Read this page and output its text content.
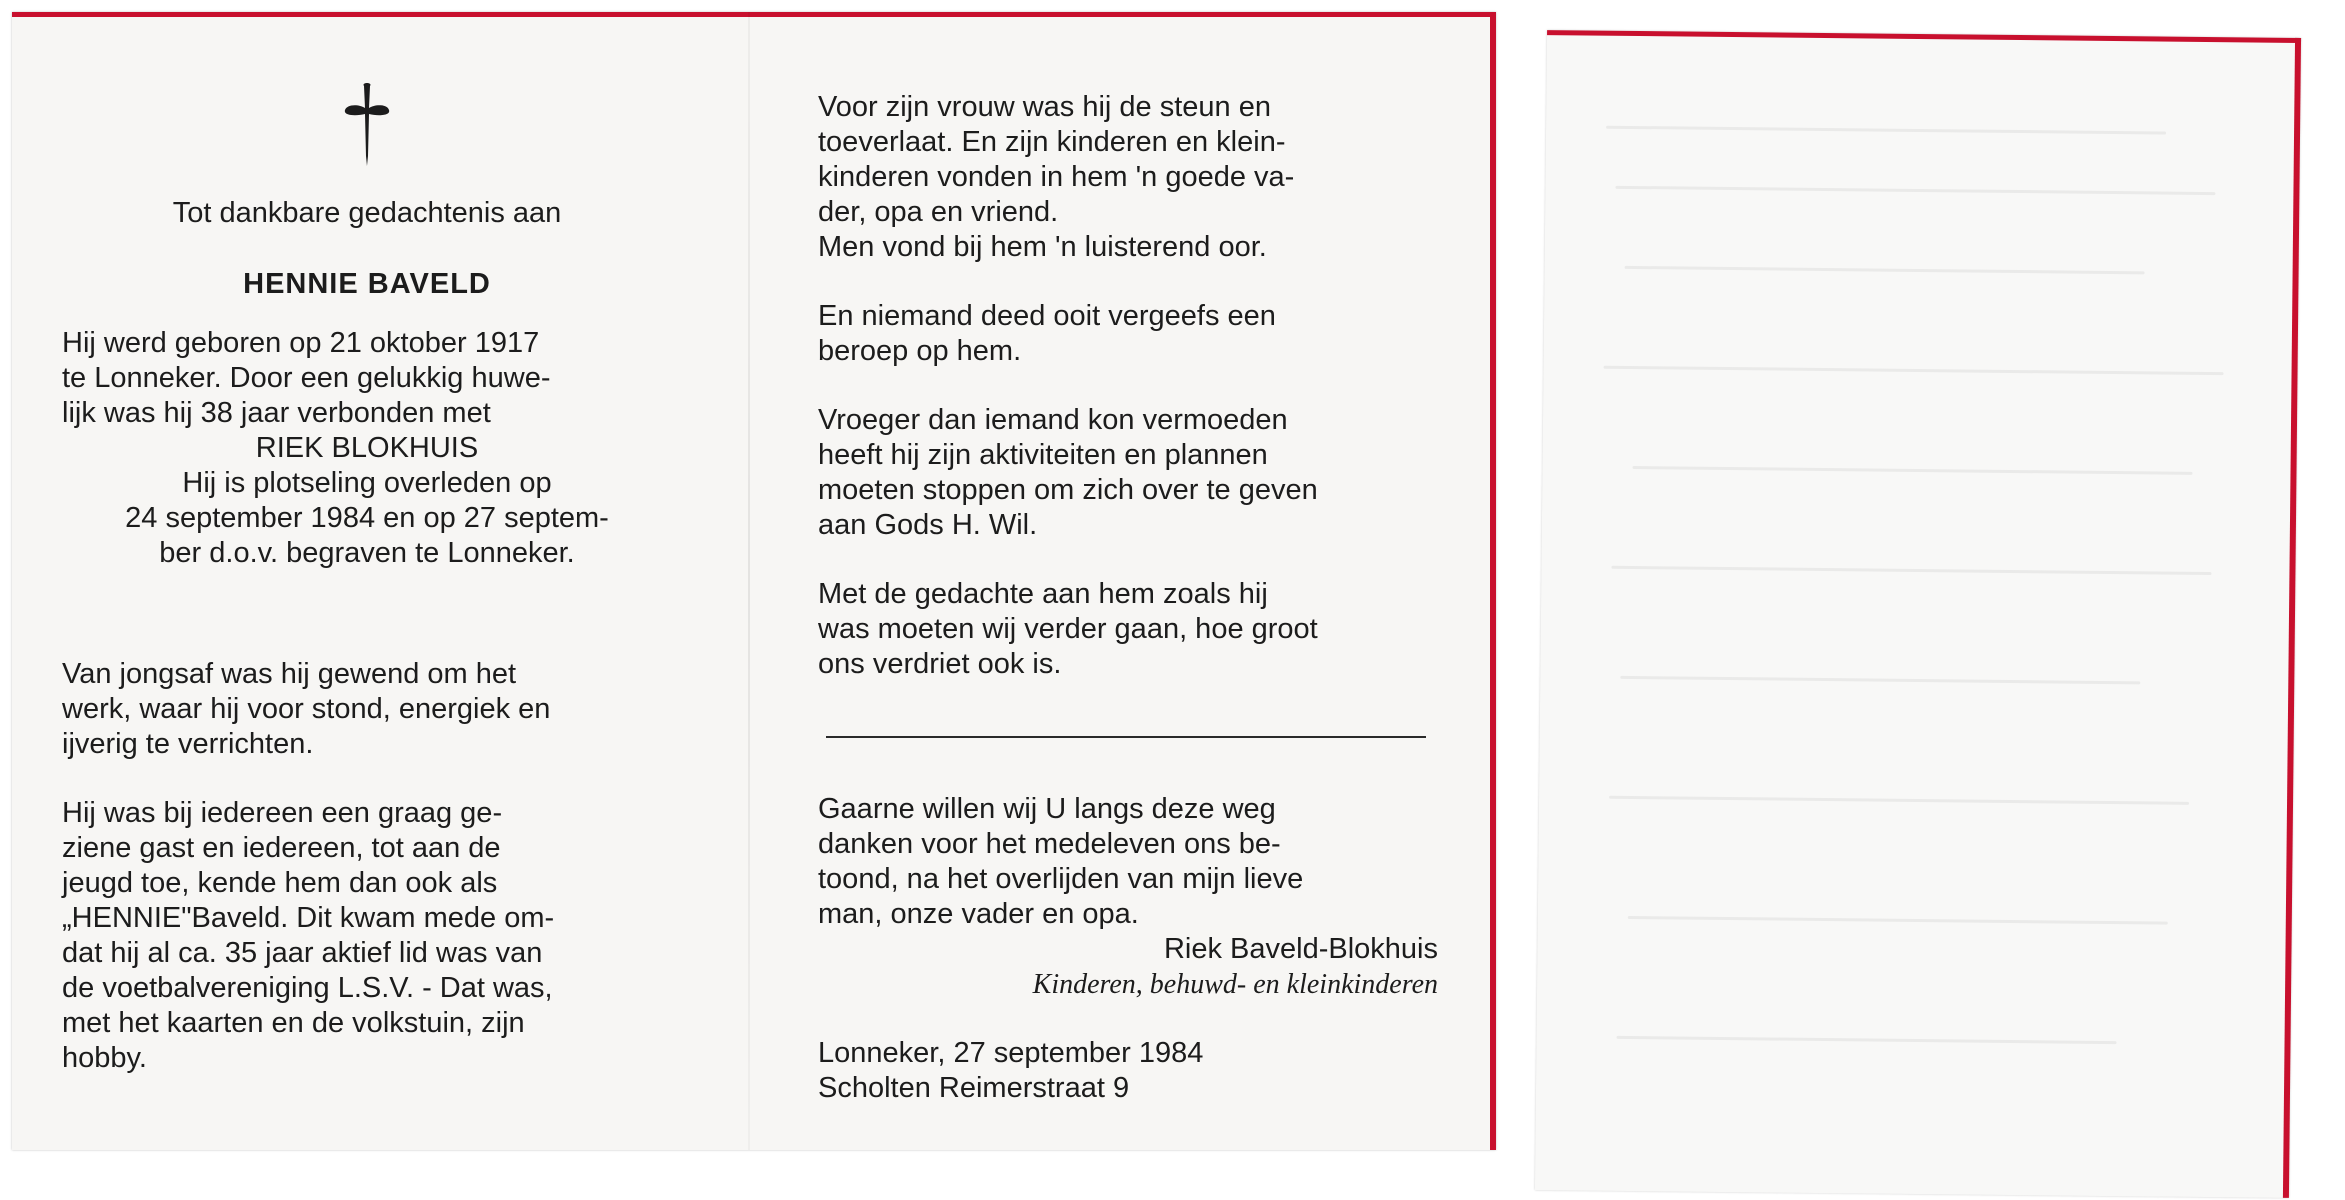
Tot dankbare gedachtenis aan

HENNIE BAVELD

Hij werd geboren op 21 oktober 1917
te Lonneker. Door een gelukkig huwe-
lijk was hij 38 jaar verbonden met
RIEK BLOKHUIS
Hij is plotseling overleden op
24 september 1984 en op 27 septem-
ber d.o.v. begraven te Lonneker.
Van jongsaf was hij gewend om het
werk, waar hij voor stond, energiek en
ijverig te verrichten.
Hij was bij iedereen een graag ge-
ziene gast en iedereen, tot aan de
jeugd toe, kende hem dan ook als
„HENNIE"Baveld. Dit kwam mede om-
dat hij al ca. 35 jaar aktief lid was van
de voetbalvereniging L.S.V. - Dat was,
met het kaarten en de volkstuin, zijn
hobby.
Voor zijn vrouw was hij de steun en
toeverlaat. En zijn kinderen en klein-
kinderen vonden in hem 'n goede va-
der, opa en vriend.
Men vond bij hem 'n luisterend oor.
En niemand deed ooit vergeefs een
beroep op hem.
Vroeger dan iemand kon vermoeden
heeft hij zijn aktiviteiten en plannen
moeten stoppen om zich over te geven
aan Gods H. Wil.
Met de gedachte aan hem zoals hij
was moeten wij verder gaan, hoe groot
ons verdriet ook is.
Gaarne willen wij U langs deze weg
danken voor het medeleven ons be-
toond, na het overlijden van mijn lieve
man, onze vader en opa.
Riek Baveld-Blokhuis
Kinderen, behuwd- en kleinkinderen
Lonneker, 27 september 1984
Scholten Reimerstraat 9
